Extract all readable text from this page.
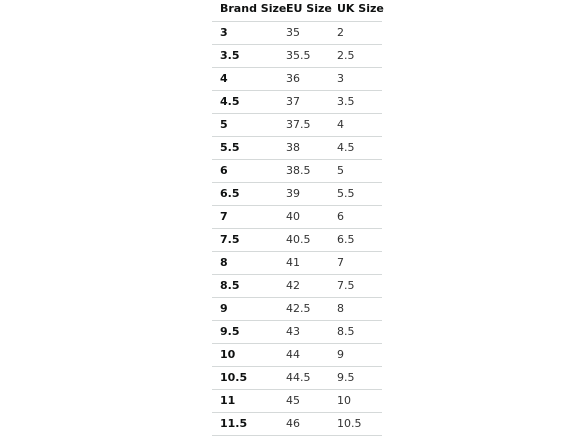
Brand Size	EU Size	UK Size
3	35	2
3.5	35.5	2.5
4	36	3
4.5	37	3.5
5	37.5	4
5.5	38	4.5
6	38.5	5
6.5	39	5.5
7	40	6
7.5	40.5	6.5
8	41	7
8.5	42	7.5
9	42.5	8
9.5	43	8.5
10	44	9
10.5	44.5	9.5
11	45	10
11.5	46	10.5
